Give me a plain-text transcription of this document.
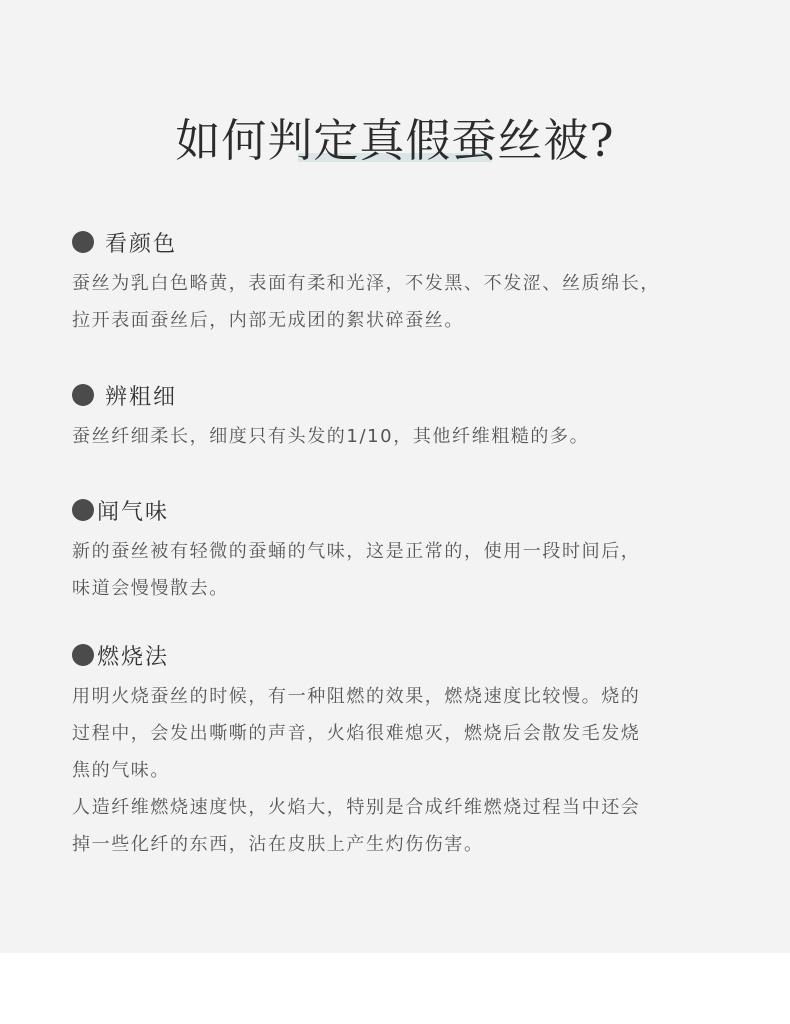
如何判定真假蚕丝被?
看颜色
蚕丝为乳白色略黄，表面有柔和光泽，不发黑、不发涩、丝质绵长，
拉开表面蚕丝后，内部无成团的絮状碎蚕丝。
辨粗细
蚕丝纤细柔长，细度只有头发的1/10，其他纤维粗糙的多。
闻气味
新的蚕丝被有轻微的蚕蛹的气味，这是正常的，使用一段时间后，
味道会慢慢散去。
燃烧法
用明火烧蚕丝的时候，有一种阻燃的效果，燃烧速度比较慢。烧的
过程中，会发出嘶嘶的声音，火焰很难熄灭，燃烧后会散发毛发烧
焦的气味。
人造纤维燃烧速度快，火焰大，特别是合成纤维燃烧过程当中还会
掉一些化纤的东西，沾在皮肤上产生灼伤伤害。
